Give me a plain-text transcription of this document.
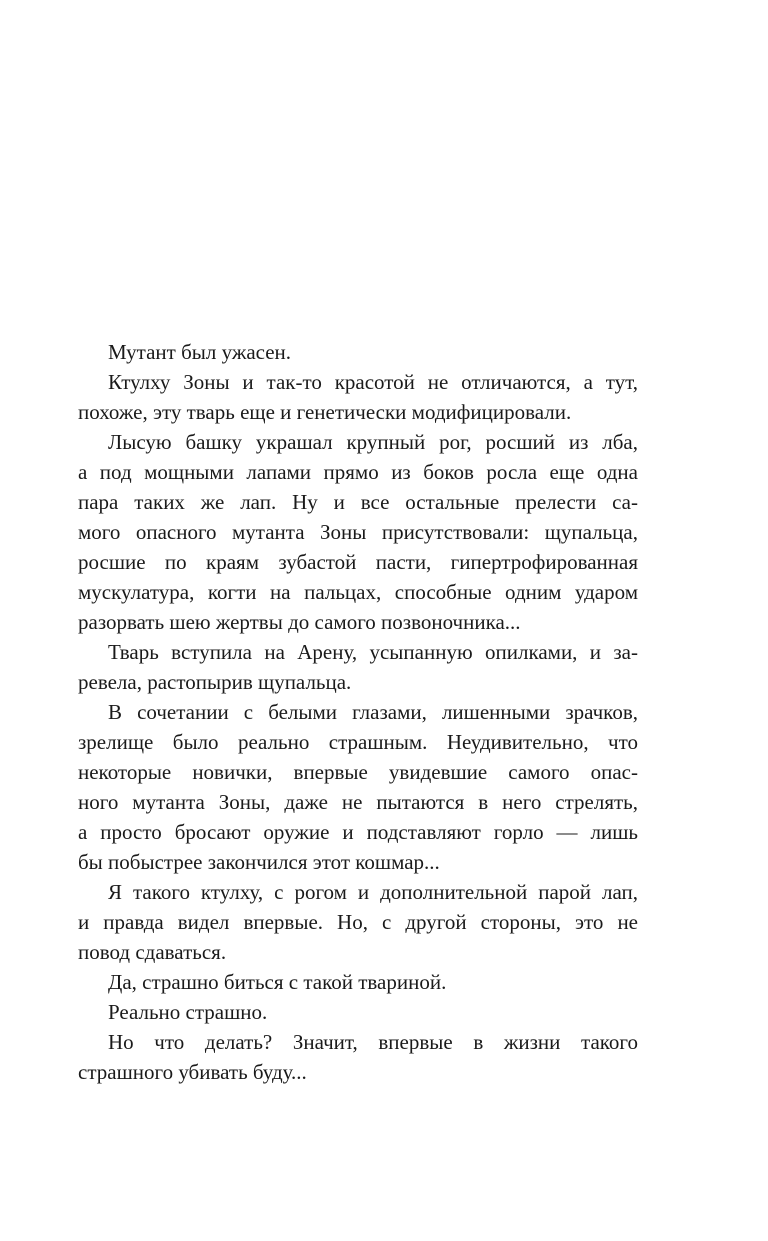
Мутант был ужасен.
Ктулху Зоны и так-то красотой не отличаются, а тут,
похоже, эту тварь еще и генетически модифицировали.
Лысую башку украшал крупный рог, росший из лба,
а под мощными лапами прямо из боков росла еще одна
пара таких же лап. Ну и все остальные прелести са-
мого опасного мутанта Зоны присутствовали: щупальца,
росшие по краям зубастой пасти, гипертрофированная
мускулатура, когти на пальцах, способные одним ударом
разорвать шею жертвы до самого позвоночника...
Тварь вступила на Арену, усыпанную опилками, и за-
ревела, растопырив щупальца.
В сочетании с белыми глазами, лишенными зрачков,
зрелище было реально страшным. Неудивительно, что
некоторые новички, впервые увидевшие самого опас-
ного мутанта Зоны, даже не пытаются в него стрелять,
а просто бросают оружие и подставляют горло — лишь
бы побыстрее закончился этот кошмар...
Я такого ктулху, с рогом и дополнительной парой лап,
и правда видел впервые. Но, с другой стороны, это не
повод сдаваться.
Да, страшно биться с такой твариной.
Реально страшно.
Но что делать? Значит, впервые в жизни такого
страшного убивать буду...
